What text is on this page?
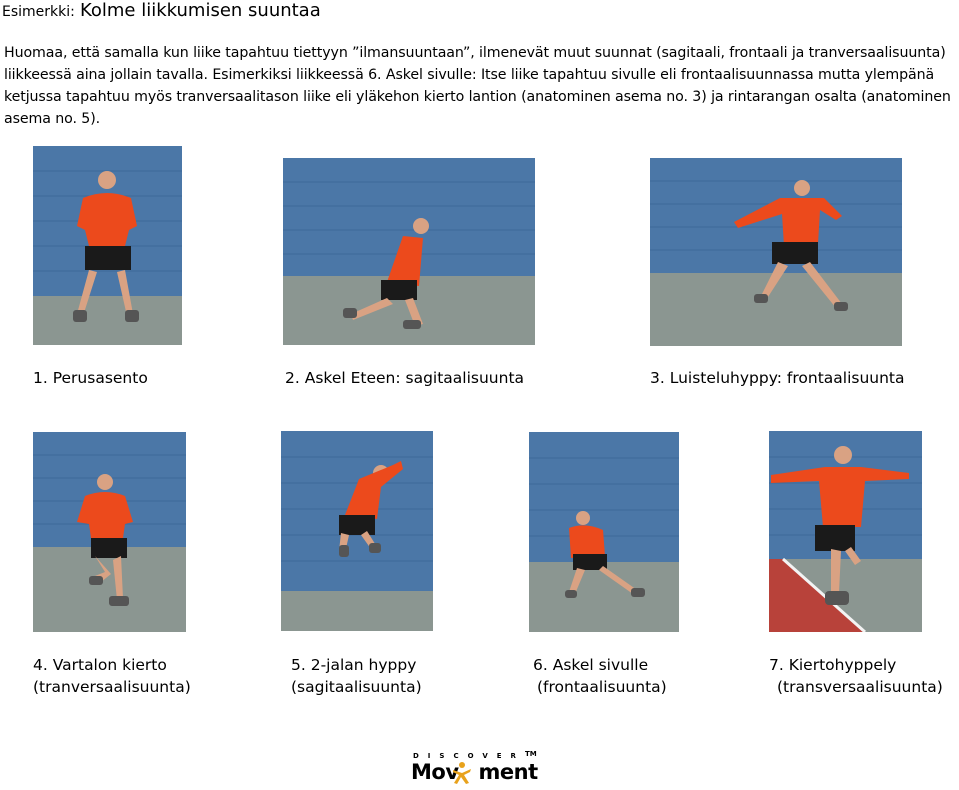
Esimerkki: Kolme liikkumisen suuntaa
Huomaa, että samalla kun liike tapahtuu tiettyyn ”ilmansuuntaan”, ilmenevät muut suunnat (sagitaali, frontaali ja tranversaalisuunta) liikkeessä aina jollain tavalla. Esimerkiksi liikkeessä 6. Askel sivulle: Itse liike tapahtuu sivulle eli frontaalisuunnassa mutta ylempänä ketjussa tapahtuu myös tranversaalitason liike eli yläkehon kierto lantion (anatominen asema no. 3) ja rintarangan osalta (anatominen asema no. 5).
1. Perusasento	2. Askel Eteen: sagitaalisuunta	3. Luisteluhyppy: frontaalisuunta
4. Vartalon kierto
(tranversaalisuunta)
5. 2-jalan hyppy
(sagitaalisuunta)
6. Askel sivulle
(frontaalisuunta)
7. Kiertohyppely
(transversaalisuunta)
DISCOVER TM
Mov ment
